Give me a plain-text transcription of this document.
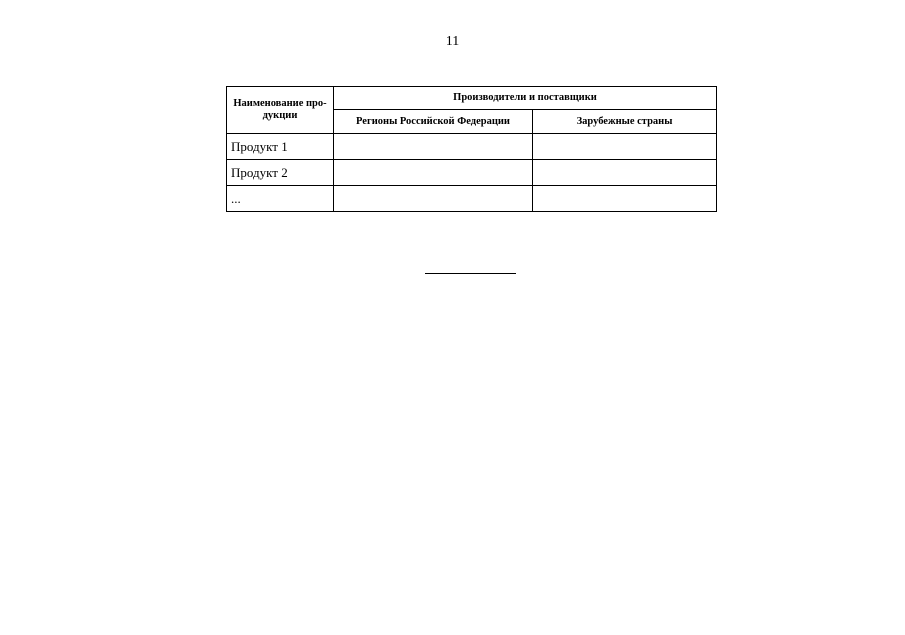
11
Наименование про-дукции	Производители и поставщики	
	Регионы Российской Федерации	Зарубежные страны
Продукт 1		
Продукт 2		
...		
